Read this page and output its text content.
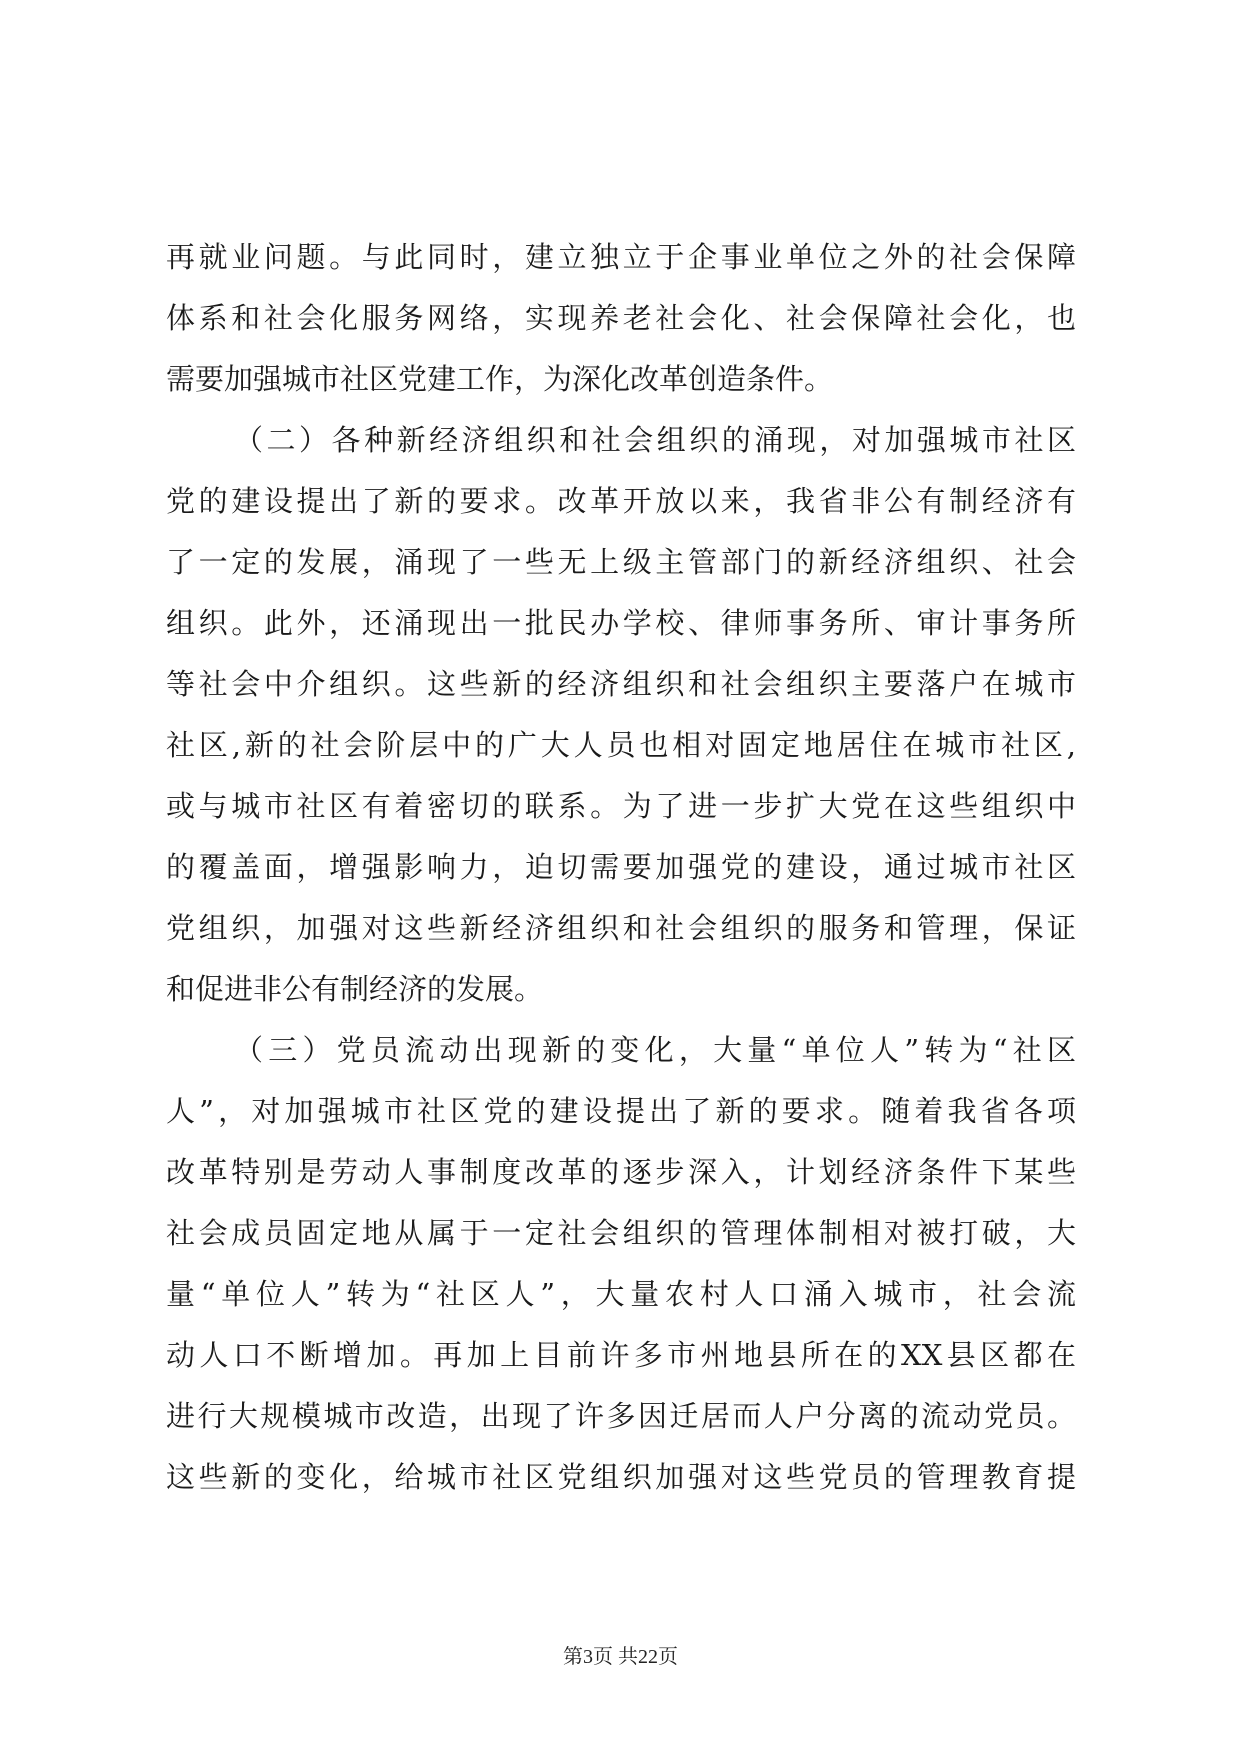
再就业问题。与此同时，建立独立于企事业单位之外的社会保障
体系和社会化服务网络，实现养老社会化、社会保障社会化，也
需要加强城市社区党建工作，为深化改革创造条件。
（二）各种新经济组织和社会组织的涌现，对加强城市社区
党的建设提出了新的要求。改革开放以来，我省非公有制经济有
了一定的发展，涌现了一些无上级主管部门的新经济组织、社会
组织。此外，还涌现出一批民办学校、律师事务所、审计事务所
等社会中介组织。这些新的经济组织和社会组织主要落户在城市
社区,新的社会阶层中的广大人员也相对固定地居住在城市社区,
或与城市社区有着密切的联系。为了进一步扩大党在这些组织中
的覆盖面，增强影响力，迫切需要加强党的建设，通过城市社区
党组织，加强对这些新经济组织和社会组织的服务和管理，保证
和促进非公有制经济的发展。
（三）党员流动出现新的变化，大量“单位人”转为“社区
人”，对加强城市社区党的建设提出了新的要求。随着我省各项
改革特别是劳动人事制度改革的逐步深入，计划经济条件下某些
社会成员固定地从属于一定社会组织的管理体制相对被打破，大
量“单位人”转为“社区人”，大量农村人口涌入城市，社会流
动人口不断增加。再加上目前许多市州地县所在的XX县区都在
进行大规模城市改造，出现了许多因迁居而人户分离的流动党员。
这些新的变化，给城市社区党组织加强对这些党员的管理教育提
第3页 共22页
